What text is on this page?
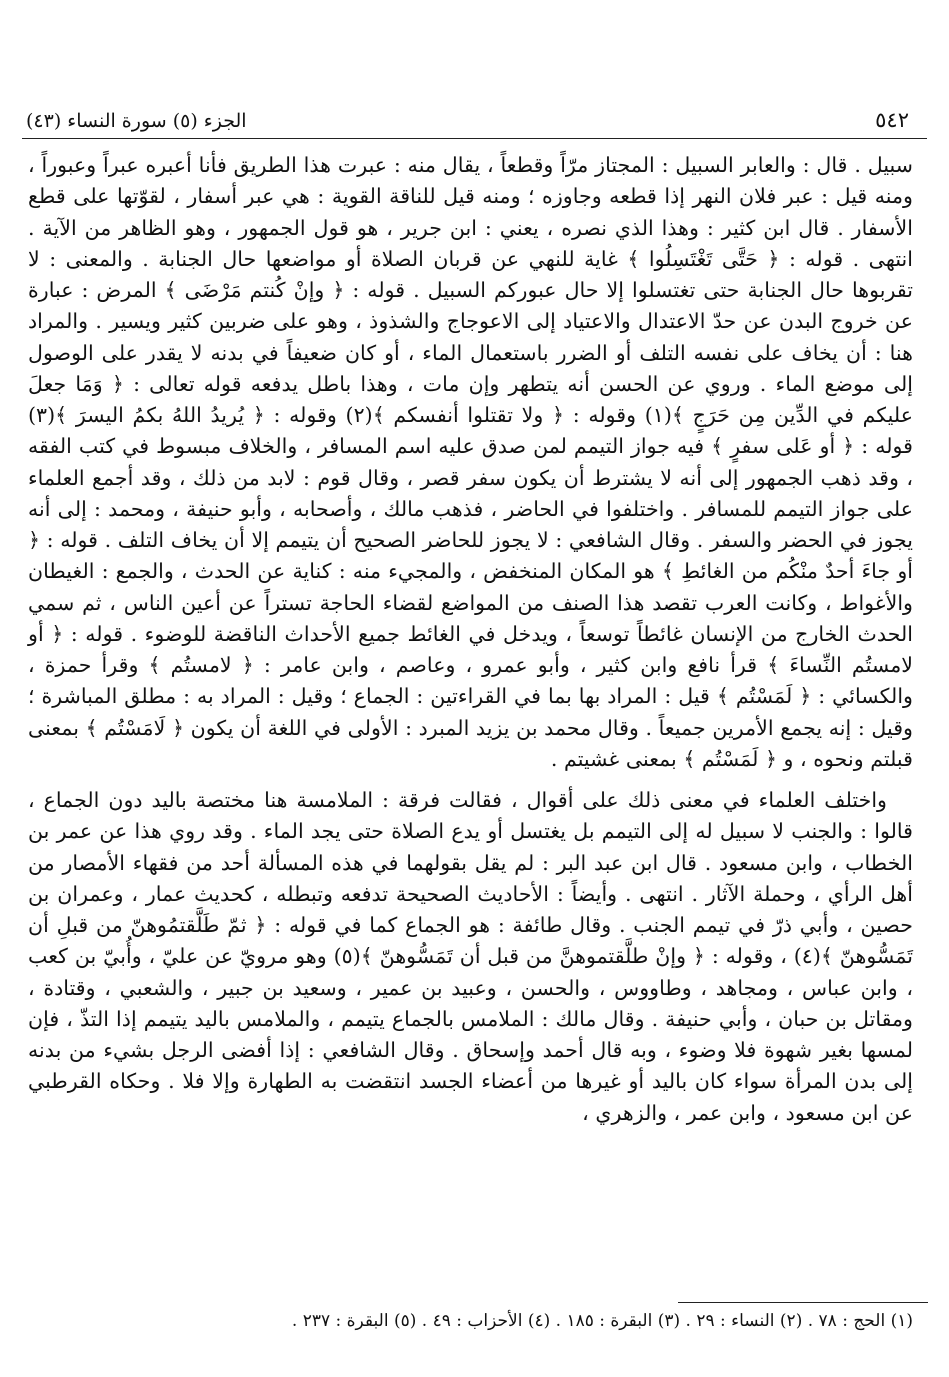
٥٤٢
الجزء (٥) سورة النساء (٤٣)

سبيل . قال : والعابر السبيل : المجتاز مرّاً وقطعاً ، يقال منه : عبرت هذا الطريق فأنا أعبره عبراً وعبوراً ، ومنه قيل : عبر فلان النهر إذا قطعه وجاوزه ؛ ومنه قيل للناقة القوية : هي عبر أسفار ، لقوّتها على قطع الأسفار . قال ابن كثير : وهذا الذي نصره ، يعني : ابن جرير ، هو قول الجمهور ، وهو الظاهر من الآية . انتهى . قوله : ﴿ حَتَّى تَغْتَسِلُوا ﴾ غاية للنهي عن قربان الصلاة أو مواضعها حال الجنابة . والمعنى : لا تقربوها حال الجنابة حتى تغتسلوا إلا حال عبوركم السبيل . قوله : ﴿ وإنْ كُنتم مَرْضَى ﴾ المرض : عبارة عن خروج البدن عن حدّ الاعتدال والاعتياد إلى الاعوجاج والشذوذ ، وهو على ضربين كثير ويسير . والمراد هنا : أن يخاف على نفسه التلف أو الضرر باستعمال الماء ، أو كان ضعيفاً في بدنه لا يقدر على الوصول إلى موضع الماء . وروي عن الحسن أنه يتطهر وإن مات ، وهذا باطل يدفعه قوله تعالى : ﴿ وَمَا جعلَ عليكم في الدِّين مِن حَرَجٍ ﴾(١) وقوله : ﴿ ولا تقتلوا أنفسكم ﴾(٢) وقوله : ﴿ يُريدُ اللهُ بكمُ اليسرَ ﴾(٣) قوله : ﴿ أو عَلى سفرٍ ﴾ فيه جواز التيمم لمن صدق عليه اسم المسافر ، والخلاف مبسوط في كتب الفقه ، وقد ذهب الجمهور إلى أنه لا يشترط أن يكون سفر قصر ، وقال قوم : لابد من ذلك ، وقد أجمع العلماء على جواز التيمم للمسافر . واختلفوا في الحاضر ، فذهب مالك ، وأصحابه ، وأبو حنيفة ، ومحمد : إلى أنه يجوز في الحضر والسفر . وقال الشافعي : لا يجوز للحاضر الصحيح أن يتيمم إلا أن يخاف التلف . قوله : ﴿ أو جاءَ أحدٌ منْكُم من الغائطِ ﴾ هو المكان المنخفض ، والمجيء منه : كناية عن الحدث ، والجمع : الغيطان والأغواط ، وكانت العرب تقصد هذا الصنف من المواضع لقضاء الحاجة تستراً عن أعين الناس ، ثم سمي الحدث الخارج من الإنسان غائطاً توسعاً ، ويدخل في الغائط جميع الأحداث الناقضة للوضوء . قوله : ﴿ أو لامستُم النِّساءَ ﴾ قرأ نافع وابن كثير ، وأبو عمرو ، وعاصم ، وابن عامر : ﴿ لامستُم ﴾ وقرأ حمزة ، والكسائي : ﴿ لَمَسْتُم ﴾ قيل : المراد بها بما في القراءتين : الجماع ؛ وقيل : المراد به : مطلق المباشرة ؛ وقيل : إنه يجمع الأمرين جميعاً . وقال محمد بن يزيد المبرد : الأولى في اللغة أن يكون ﴿ لَامَسْتُم ﴾ بمعنى قبلتم ونحوه ، و ﴿ لَمَسْتُم ﴾ بمعنى غشيتم .

واختلف العلماء في معنى ذلك على أقوال ، فقالت فرقة : الملامسة هنا مختصة باليد دون الجماع ، قالوا : والجنب لا سبيل له إلى التيمم بل يغتسل أو يدع الصلاة حتى يجد الماء . وقد روي هذا عن عمر بن الخطاب ، وابن مسعود . قال ابن عبد البر : لم يقل بقولهما في هذه المسألة أحد من فقهاء الأمصار من أهل الرأي ، وحملة الآثار . انتهى . وأيضاً : الأحاديث الصحيحة تدفعه وتبطله ، كحديث عمار ، وعمران بن حصين ، وأبي ذرّ في تيمم الجنب . وقال طائفة : هو الجماع كما في قوله : ﴿ ثمّ طَلَّقتمُوهنّ من قبلِ أن تَمَسُّوهنّ ﴾(٤) ، وقوله : ﴿ وإنْ طلَّقتموهنَّ من قبل أن تَمَسُّوهنّ ﴾(٥) وهو مرويّ عن عليّ ، وأُبيّ بن كعب ، وابن عباس ، ومجاهد ، وطاووس ، والحسن ، وعبيد بن عمير ، وسعيد بن جبير ، والشعبي ، وقتادة ، ومقاتل بن حبان ، وأبي حنيفة . وقال مالك : الملامس بالجماع يتيمم ، والملامس باليد يتيمم إذا التذّ ، فإن لمسها بغير شهوة فلا وضوء ، وبه قال أحمد وإسحاق . وقال الشافعي : إذا أفضى الرجل بشيء من بدنه إلى بدن المرأة سواء كان باليد أو غيرها من أعضاء الجسد انتقضت به الطهارة وإلا فلا . وحكاه القرطبي عن ابن مسعود ، وابن عمر ، والزهري ،

(١) الحج : ٧٨ . (٢) النساء : ٢٩ . (٣) البقرة : ١٨٥ . (٤) الأحزاب : ٤٩ . (٥) البقرة : ٢٣٧ .
